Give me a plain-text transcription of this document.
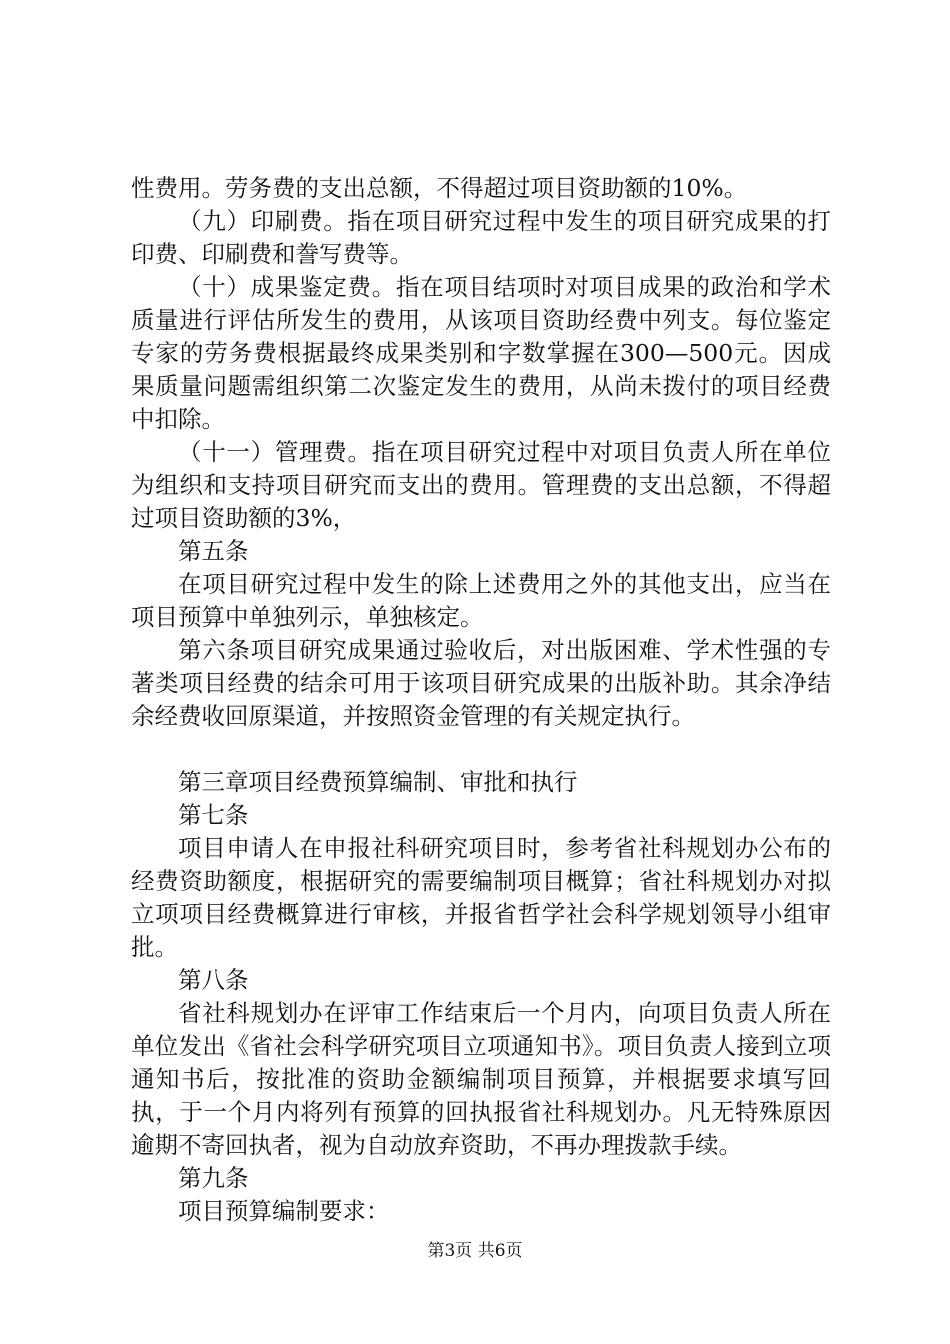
性费用。劳务费的支出总额，不得超过项目资助额的10%。

（九）印刷费。指在项目研究过程中发生的项目研究成果的打印费、印刷费和誊写费等。

（十）成果鉴定费。指在项目结项时对项目成果的政治和学术质量进行评估所发生的费用，从该项目资助经费中列支。每位鉴定专家的劳务费根据最终成果类别和字数掌握在300—500元。因成果质量问题需组织第二次鉴定发生的费用，从尚未拨付的项目经费中扣除。

（十一）管理费。指在项目研究过程中对项目负责人所在单位为组织和支持项目研究而支出的费用。管理费的支出总额，不得超过项目资助额的3%，

第五条

在项目研究过程中发生的除上述费用之外的其他支出，应当在项目预算中单独列示，单独核定。

第六条项目研究成果通过验收后，对出版困难、学术性强的专著类项目经费的结余可用于该项目研究成果的出版补助。其余净结余经费收回原渠道，并按照资金管理的有关规定执行。

第三章项目经费预算编制、审批和执行

第七条

项目申请人在申报社科研究项目时，参考省社科规划办公布的经费资助额度，根据研究的需要编制项目概算；省社科规划办对拟立项项目经费概算进行审核，并报省哲学社会科学规划领导小组审批。

第八条

省社科规划办在评审工作结束后一个月内，向项目负责人所在单位发出《省社会科学研究项目立项通知书》。项目负责人接到立项通知书后，按批准的资助金额编制项目预算，并根据要求填写回执，于一个月内将列有预算的回执报省社科规划办。凡无特殊原因逾期不寄回执者，视为自动放弃资助，不再办理拨款手续。

第九条

项目预算编制要求：

第3页 共6页
